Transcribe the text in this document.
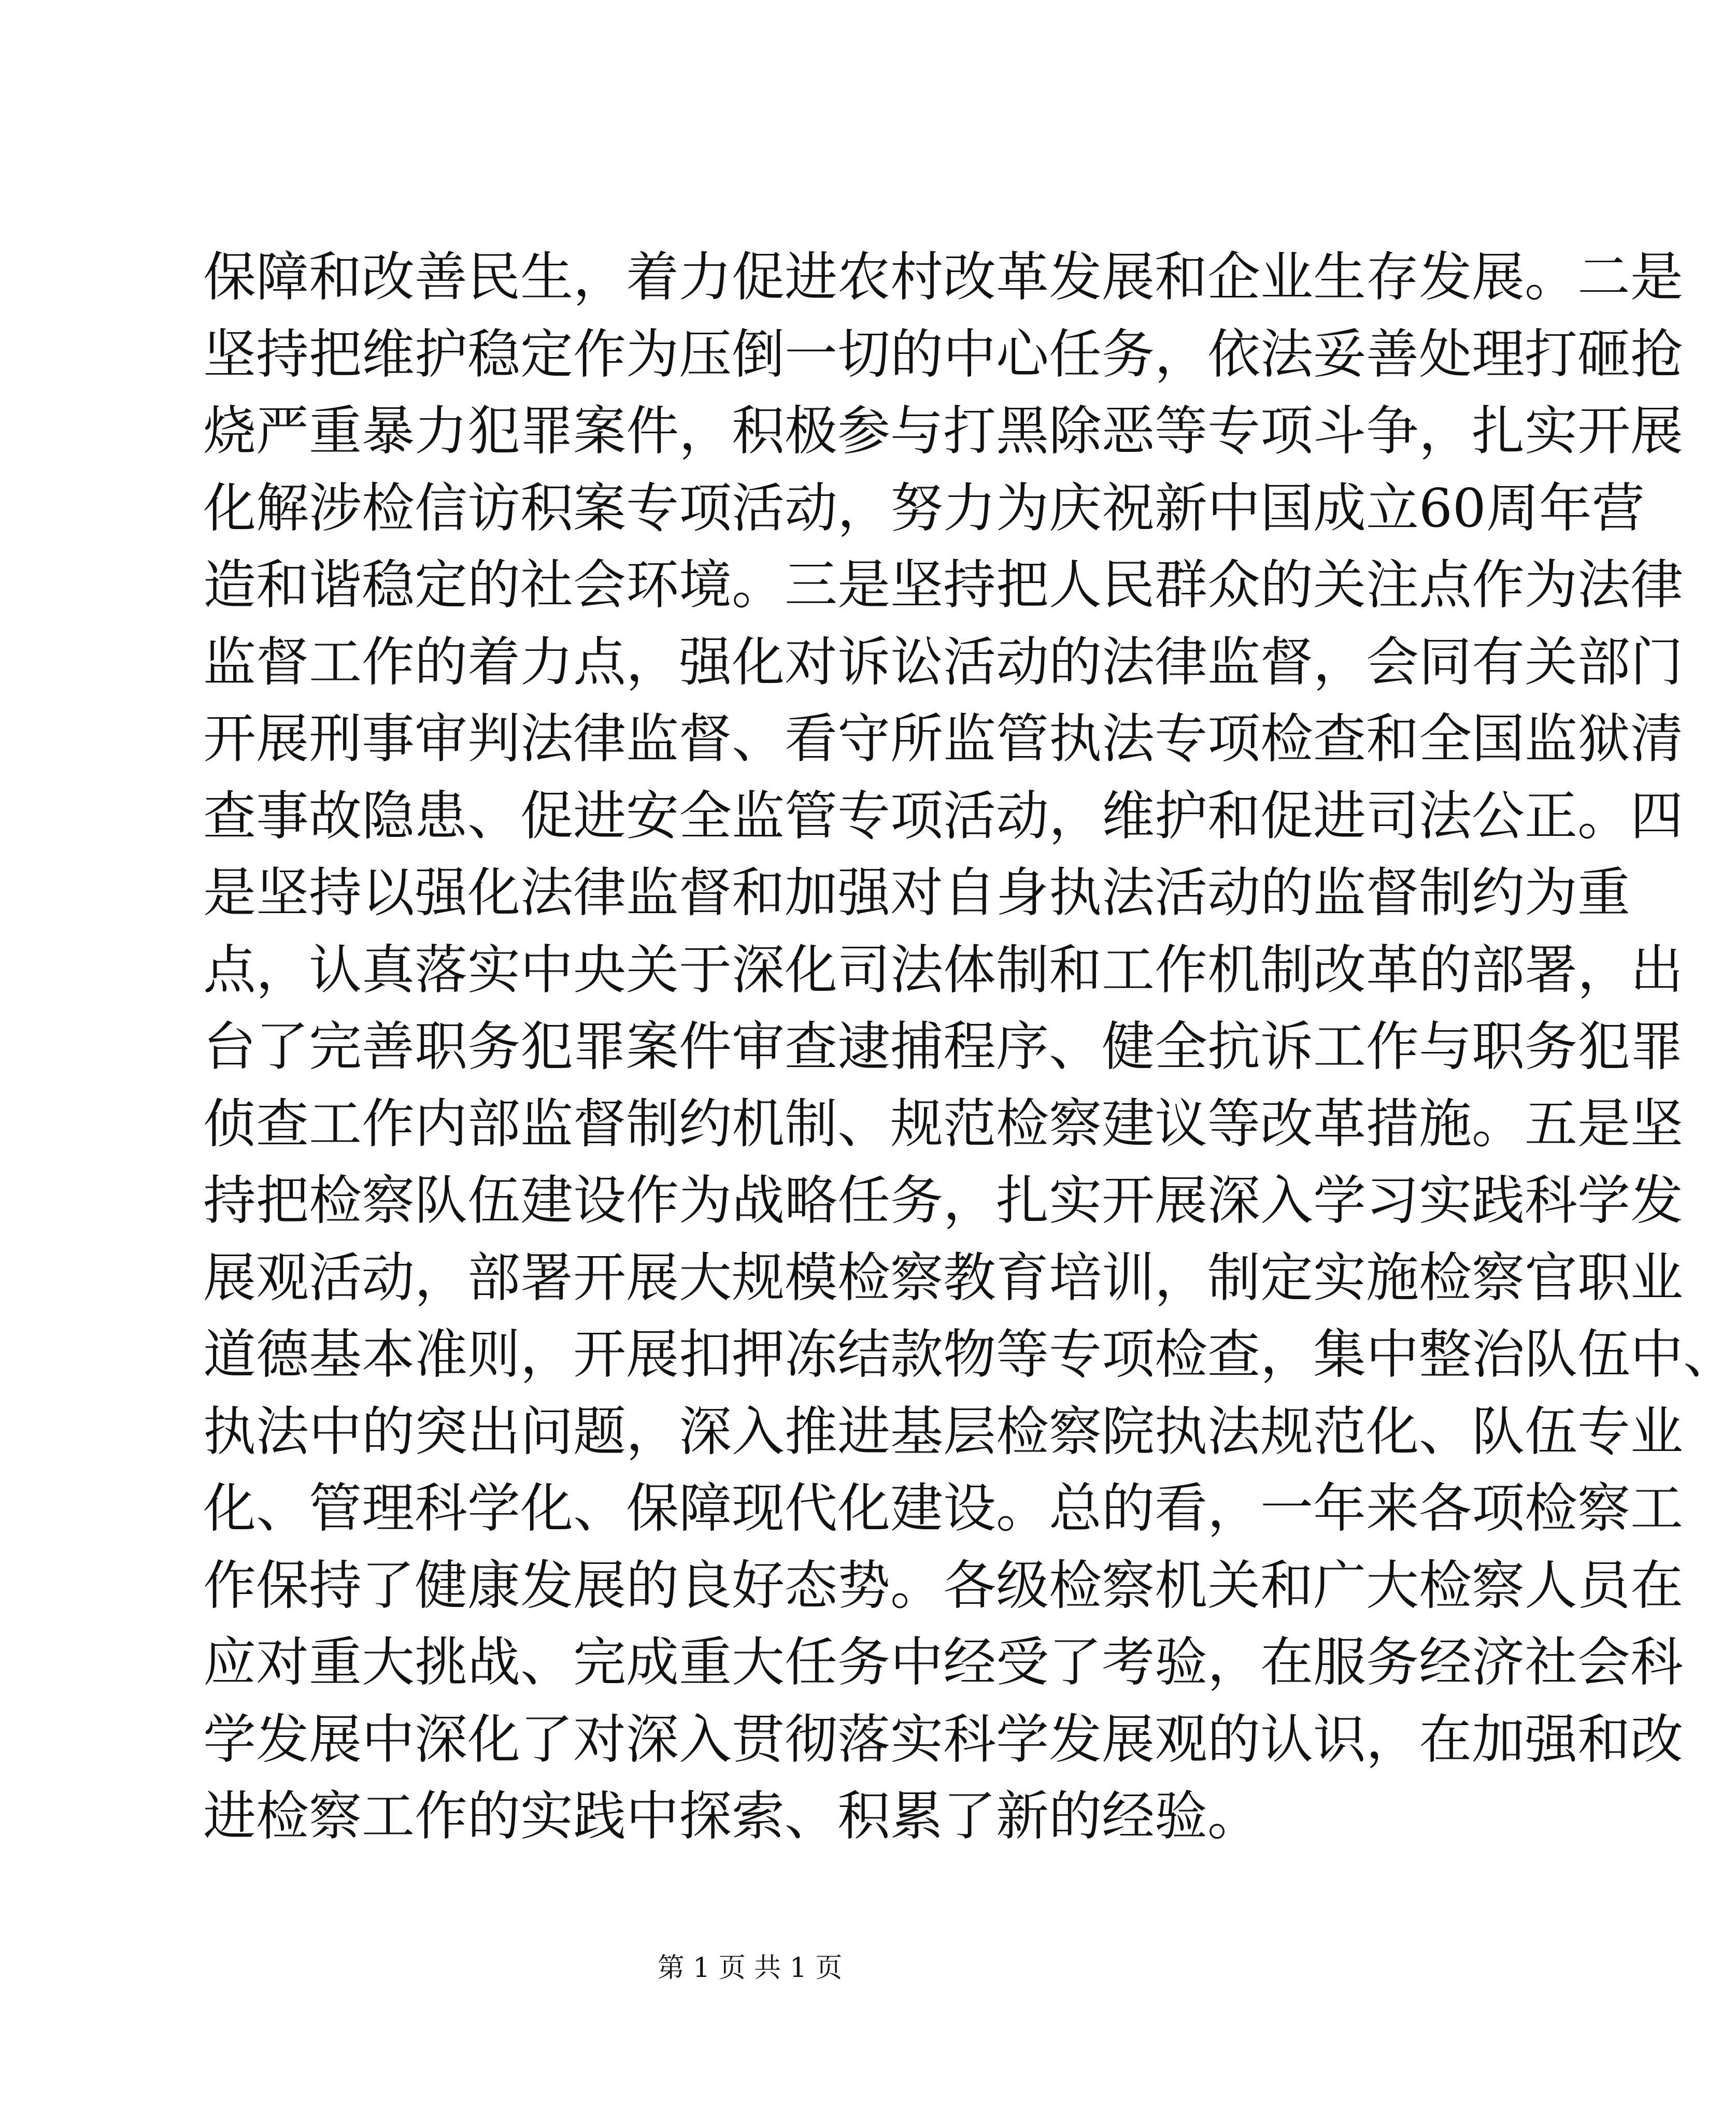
保障和改善民生，着力促进农村改革发展和企业生存发展。二是
坚持把维护稳定作为压倒一切的中心任务，依法妥善处理打砸抢
烧严重暴力犯罪案件，积极参与打黑除恶等专项斗争，扎实开展
化解涉检信访积案专项活动，努力为庆祝新中国成立60周年营
造和谐稳定的社会环境。三是坚持把人民群众的关注点作为法律
监督工作的着力点，强化对诉讼活动的法律监督，会同有关部门
开展刑事审判法律监督、看守所监管执法专项检查和全国监狱清
查事故隐患、促进安全监管专项活动，维护和促进司法公正。四
是坚持以强化法律监督和加强对自身执法活动的监督制约为重
点，认真落实中央关于深化司法体制和工作机制改革的部署，出
台了完善职务犯罪案件审查逮捕程序、健全抗诉工作与职务犯罪
侦查工作内部监督制约机制、规范检察建议等改革措施。五是坚
持把检察队伍建设作为战略任务，扎实开展深入学习实践科学发
展观活动，部署开展大规模检察教育培训，制定实施检察官职业
道德基本准则，开展扣押冻结款物等专项检查，集中整治队伍中、
执法中的突出问题，深入推进基层检察院执法规范化、队伍专业
化、管理科学化、保障现代化建设。总的看，一年来各项检察工
作保持了健康发展的良好态势。各级检察机关和广大检察人员在
应对重大挑战、完成重大任务中经受了考验，在服务经济社会科
学发展中深化了对深入贯彻落实科学发展观的认识，在加强和改
进检察工作的实践中探索、积累了新的经验。
第 1 页 共 1 页
